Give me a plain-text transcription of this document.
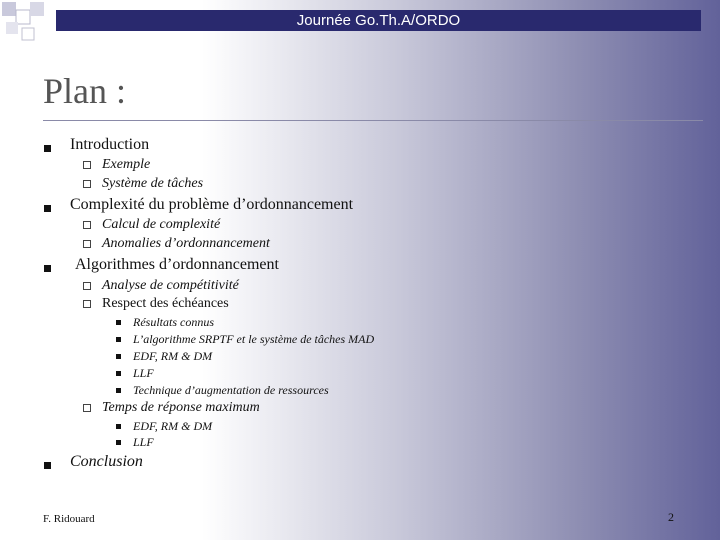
Journée Go.Th.A/ORDO
Plan :
Introduction
Exemple
Système de tâches
Complexité du problème d’ordonnancement
Calcul de complexité
Anomalies d’ordonnancement
Algorithmes d’ordonnancement
Analyse de compétitivité
Respect des échéances
Résultats connus
L’algorithme SRPTF et le système de tâches MAD
EDF, RM & DM
LLF
Technique d’augmentation de ressources
Temps de réponse maximum
EDF, RM & DM
LLF
Conclusion
F. Ridouard	2
